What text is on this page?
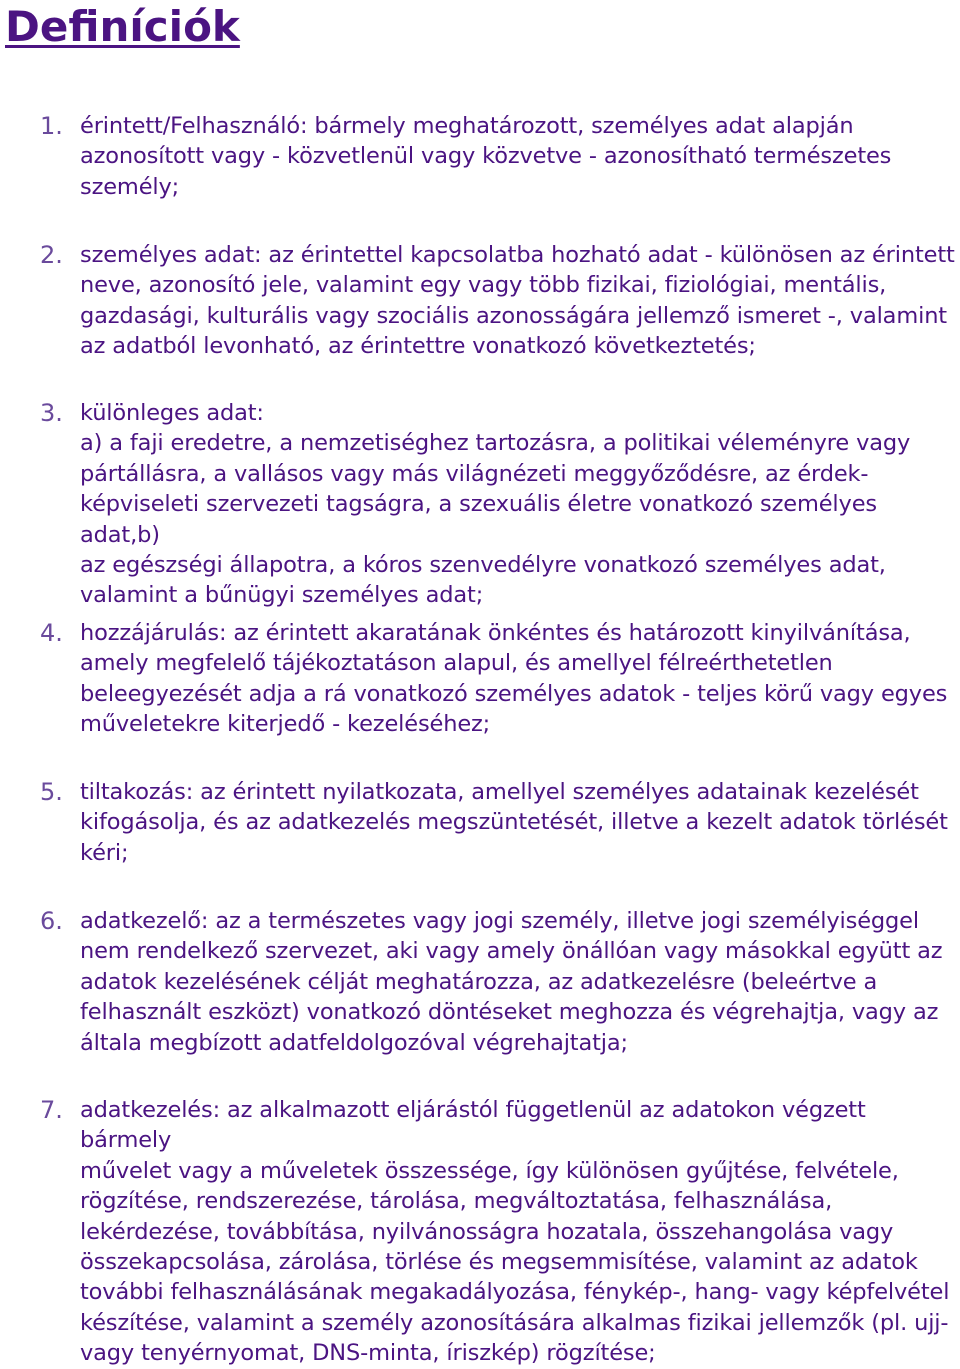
Definíciók
1. érintett/Felhasználó: bármely meghatározott, személyes adat alapján
azonosított vagy - közvetlenül vagy közvetve - azonosítható természetes
személy;
2. személyes adat: az érintettel kapcsolatba hozható adat - különösen az érintett
neve, azonosító jele, valamint egy vagy több fizikai, fiziológiai, mentális,
gazdasági, kulturális vagy szociális azonosságára jellemző ismeret -, valamint
az adatból levonható, az érintettre vonatkozó következtetés;
3. különleges adat:
a) a faji eredetre, a nemzetiséghez tartozásra, a politikai véleményre vagy
pártállásra, a vallásos vagy más világnézeti meggyőződésre, az érdek-
képviseleti szervezeti tagságra, a szexuális életre vonatkozó személyes adat,b)
az egészségi állapotra, a kóros szenvedélyre vonatkozó személyes adat,
valamint a bűnügyi személyes adat;
4. hozzájárulás: az érintett akaratának önkéntes és határozott kinyilvánítása,
amely megfelelő tájékoztatáson alapul, és amellyel félreérthetetlen
beleegyezését adja a rá vonatkozó személyes adatok - teljes körű vagy egyes
műveletekre kiterjedő - kezeléséhez;
5. tiltakozás: az érintett nyilatkozata, amellyel személyes adatainak kezelését
kifogásolja, és az adatkezelés megszüntetését, illetve a kezelt adatok törlését
kéri;
6. adatkezelő: az a természetes vagy jogi személy, illetve jogi személyiséggel
nem rendelkező szervezet, aki vagy amely önállóan vagy másokkal együtt az
adatok kezelésének célját meghatározza, az adatkezelésre (beleértve a
felhasznált eszközt) vonatkozó döntéseket meghozza és végrehajtja, vagy az
általa megbízott adatfeldolgozóval végrehajtatja;
7. adatkezelés: az alkalmazott eljárástól függetlenül az adatokon végzett bármely
művelet vagy a műveletek összessége, így különösen gyűjtése, felvétele,
rögzítése, rendszerezése, tárolása, megváltoztatása, felhasználása,
lekérdezése, továbbítása, nyilvánosságra hozatala, összehangolása vagy
összekapcsolása, zárolása, törlése és megsemmisítése, valamint az adatok
további felhasználásának megakadályozása, fénykép-, hang- vagy képfelvétel
készítése, valamint a személy azonosítására alkalmas fizikai jellemzők (pl. ujj-
vagy tenyérnyomat, DNS-minta, íriszkép) rögzítése;
